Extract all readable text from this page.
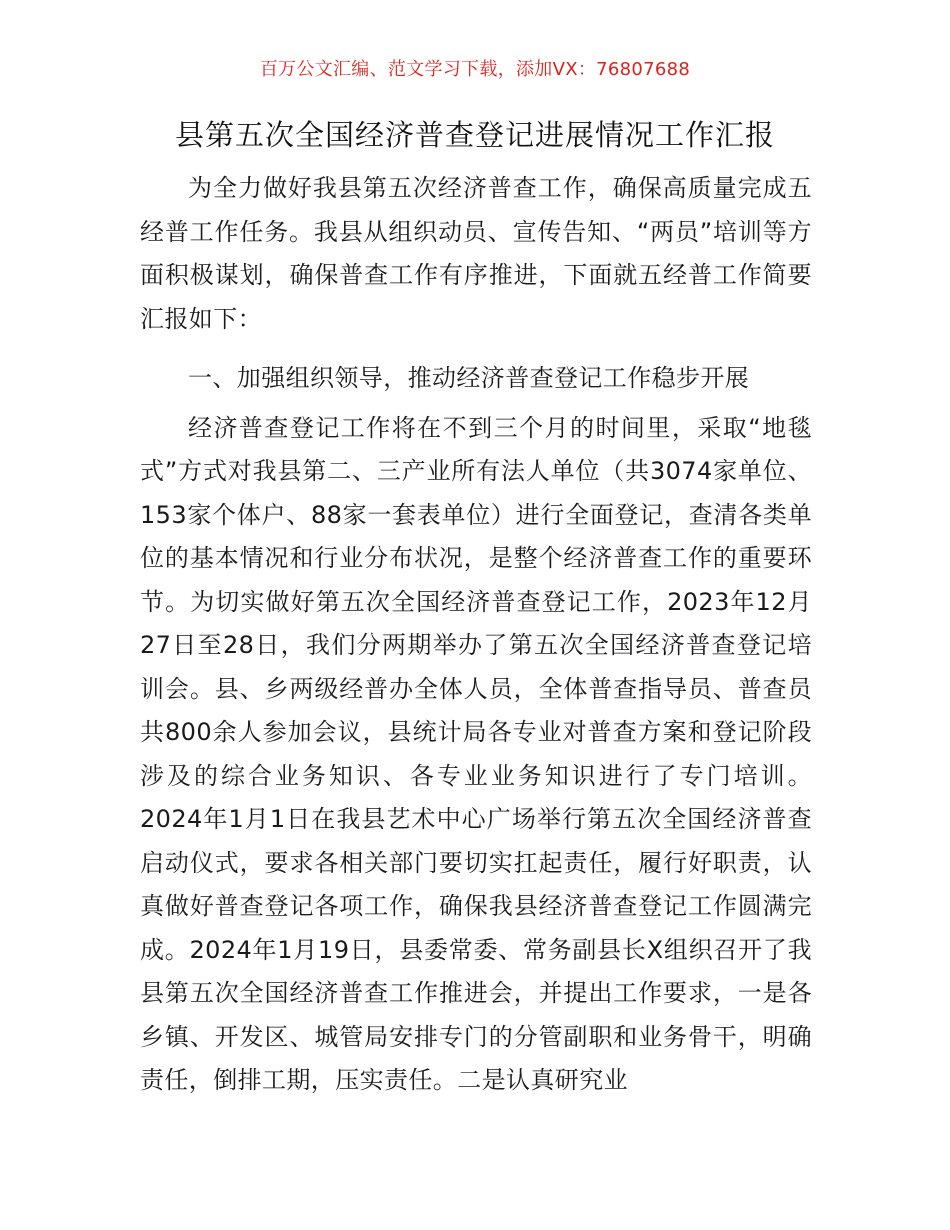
百万公文汇编、范文学习下载，添加VX：76807688
县第五次全国经济普查登记进展情况工作汇报

为全力做好我县第五次经济普查工作，确保高质量完成五经普工作任务。我县从组织动员、宣传告知、“两员”培训等方面积极谋划，确保普查工作有序推进，下面就五经普工作简要汇报如下：

一、加强组织领导，推动经济普查登记工作稳步开展

经济普查登记工作将在不到三个月的时间里，采取“地毯式”方式对我县第二、三产业所有法人单位（共3074家单位、153家个体户、88家一套表单位）进行全面登记，查清各类单位的基本情况和行业分布状况，是整个经济普查工作的重要环节。为切实做好第五次全国经济普查登记工作，2023年12月27日至28日，我们分两期举办了第五次全国经济普查登记培训会。县、乡两级经普办全体人员，全体普查指导员、普查员共800余人参加会议，县统计局各专业对普查方案和登记阶段涉及的综合业务知识、各专业业务知识进行了专门培训。2024年1月1日在我县艺术中心广场举行第五次全国经济普查启动仪式，要求各相关部门要切实扛起责任，履行好职责，认真做好普查登记各项工作，确保我县经济普查登记工作圆满完成。2024年1月19日，县委常委、常务副县长X组织召开了我县第五次全国经济普查工作推进会，并提出工作要求，一是各乡镇、开发区、城管局安排专门的分管副职和业务骨干，明确责任，倒排工期，压实责任。二是认真研究业
